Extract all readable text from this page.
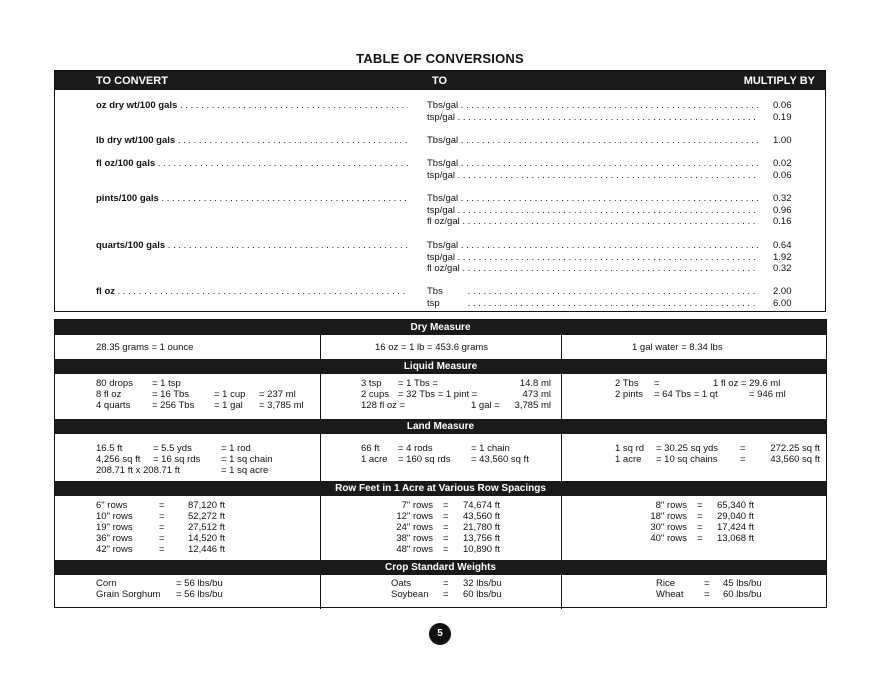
TABLE OF CONVERSIONS
TO CONVERT	TO	MULTIPLY BY
oz dry wt/100 gals . . .	Tbs/gal . . .	0.06
tsp/gal . . .	0.19
lb dry wt/100 gals . . .	Tbs/gal . . .	1.00
fl oz/100 gals . . .	Tbs/gal . . .	0.02
tsp/gal . . .	0.06
pints/100 gals . . .	Tbs/gal . . .	0.32
tsp/gal . . .	0.96
fl oz/gal . . .	0.16
quarts/100 gals . . .	Tbs/gal . . .	0.64
tsp/gal . . .	1.92
fl oz/gal . . .	0.32
fl oz . . .	Tbs . . .	2.00
tsp . . .	6.00
Dry Measure
28.35 grams = 1 ounce	16 oz = 1 lb = 453.6 grams	1 gal water = 8.34 lbs
Liquid Measure
80 drops = 1 tsp
8 fl oz	= 16 Tbs	= 1 cup = 237 ml
4 quarts = 256 Tbs = 1 gal = 3,785 ml
3 tsp = 1 Tbs =	14.8 ml
2 cups = 32 Tbs = 1 pint =	473 ml
128 fl oz =	1 gal = 3,785 ml
2 Tbs =	1 fl oz = 29.6 ml
2 pints = 64 Tbs = 1 qt	= 946 ml
Land Measure
16.5 ft	= 5.5 yds	= 1 rod
4,256 sq ft = 16 sq rds = 1 sq chain
208.71 ft x 208.71 ft	= 1 sq acre
66 ft = 4 rods	= 1 chain
1 acre = 160 sq rds = 43,560 sq ft
1 sq rd = 30.25 sq yds =	272.25 sq ft
1 acre = 10 sq chains =	43,560 sq ft
Row Feet in 1 Acre at Various Row Spacings
6" rows	= 87,120 ft
10" rows	= 52,272 ft
19" rows	= 27,512 ft
36" rows	= 14,520 ft
42" rows	= 12,446 ft
7" rows = 74,674 ft
12" rows = 43,560 ft
24" rows = 21,780 ft
38" rows = 13,756 ft
48" rows = 10,890 ft
8" rows = 65,340 ft
18" rows = 29,040 ft
30" rows = 17,424 ft
40" rows = 13,068 ft
Crop Standard Weights
Corn	= 56 lbs/bu
Grain Sorghum = 56 lbs/bu
Oats	= 32 lbs/bu
Soybean = 60 lbs/bu
Rice	= 45 lbs/bu
Wheat = 60 lbs/bu
5
